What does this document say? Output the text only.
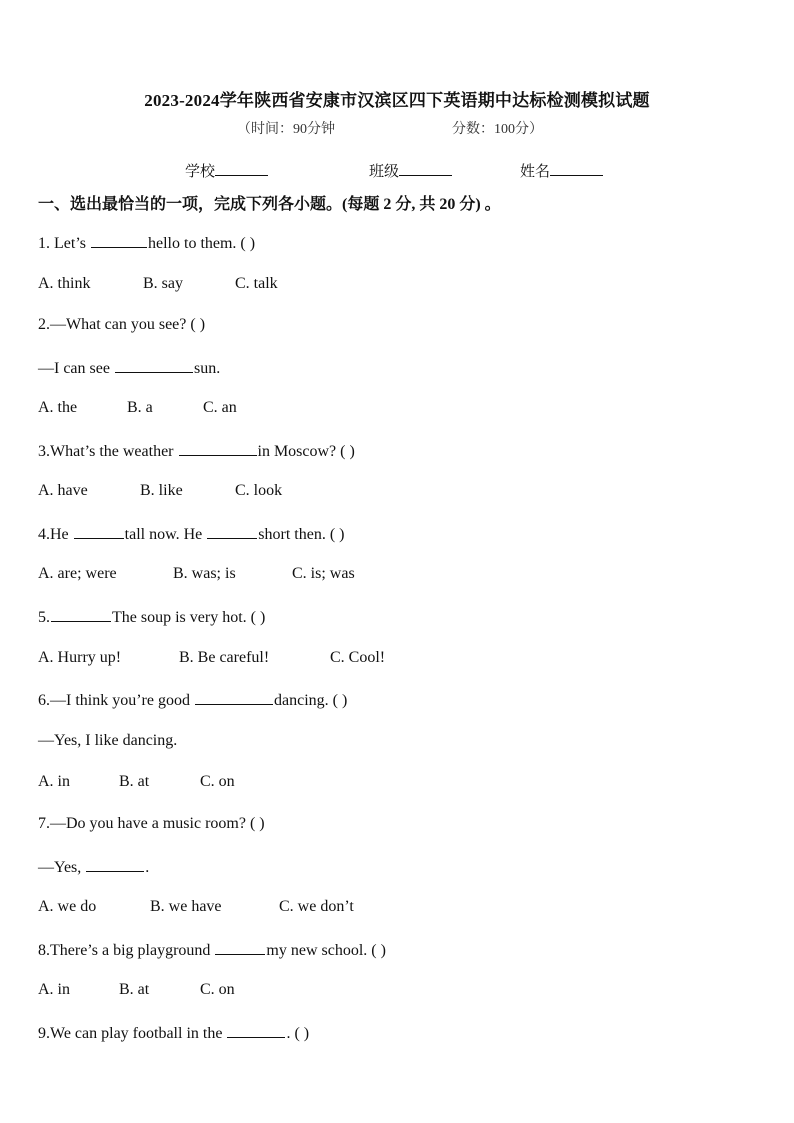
2023-2024学年陕西省安康市汉滨区四下英语期中达标检测模拟试题
（时间：90分钟	分数：100分）
学校	班级	姓名
一、选出最恰当的一项，完成下列各小题。(每题 2 分, 共 20 分) 。
1. Let’s	hello to them. ( )
A. think	B. say	C. talk
2.—What can you see? ( )
—I can see	sun.
A. the	B. a	C. an
3.What’s the weather	in Moscow? ( )
A. have	B. like	C. look
4.He	tall now. He	short then. ( )
A. are; were	B. was; is	C. is; was
5.	The soup is very hot. ( )
A. Hurry up!	B. Be careful!	C. Cool!
6.—I think you’re good	dancing. ( )
—Yes, I like dancing.
A. in	B. at	C. on
7.—Do you have a music room? ( )
—Yes,	.
A. we do	B. we have	C. we don’t
8.There’s a big playground	my new school. ( )
A. in	B. at	C. on
9.We can play football in the	. ( )
